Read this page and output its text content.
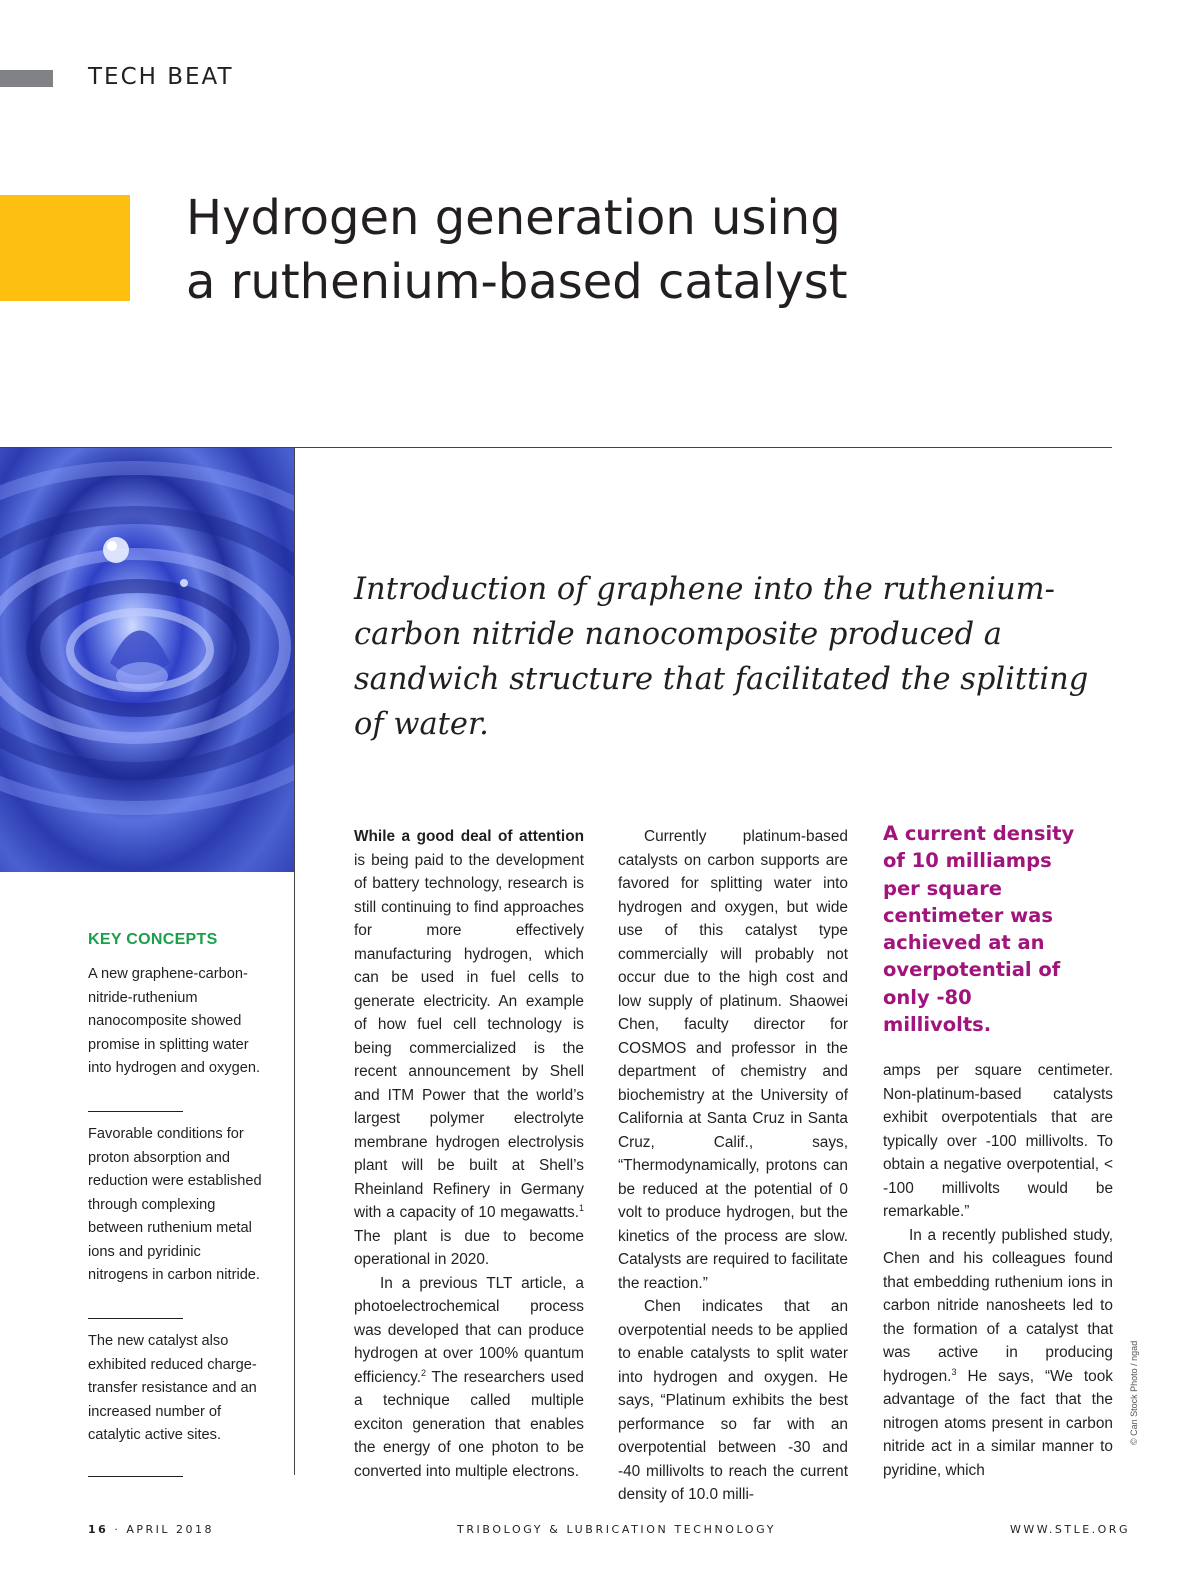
TECH BEAT
Hydrogen generation using
a ruthenium-based catalyst

Introduction of graphene into the ruthenium-carbon nitride nanocomposite produced a sandwich structure that facilitated the splitting of water.

KEY CONCEPTS

A new graphene-carbon-nitride-ruthenium nanocomposite showed promise in splitting water into hydrogen and oxygen.

Favorable conditions for proton absorption and reduction were established through complexing between ruthenium metal ions and pyridinic nitrogens in carbon nitride.

The new catalyst also exhibited reduced charge-transfer resistance and an increased number of catalytic active sites.

While a good deal of attention is being paid to the development of battery technology, research is still continuing to find approaches for more effectively manufacturing hydrogen, which can be used in fuel cells to generate electricity. An example of how fuel cell technology is being commercialized is the recent announcement by Shell and ITM Power that the world’s largest polymer electrolyte membrane hydrogen electrolysis plant will be built at Shell’s Rheinland Refinery in Germany with a capacity of 10 megawatts.$^1$ The plant is due to become operational in 2020.

In a previous TLT article, a photoelectrochemical process was developed that can produce hydrogen at over 100% quantum efficiency.$^2$ The researchers used a technique called multiple exciton generation that enables the energy of one photon to be converted into multiple electrons.

Currently platinum-based catalysts on carbon supports are favored for splitting water into hydrogen and oxygen, but wide use of this catalyst type commercially will probably not occur due to the high cost and low supply of platinum. Shaowei Chen, faculty director for COSMOS and professor in the department of chemistry and biochemistry at the University of California at Santa Cruz in Santa Cruz, Calif., says, “Thermodynamically, protons can be reduced at the potential of 0 volt to produce hydrogen, but the kinetics of the process are slow. Catalysts are required to facilitate the reaction.”

Chen indicates that an overpotential needs to be applied to enable catalysts to split water into hydrogen and oxygen. He says, “Platinum exhibits the best performance so far with an overpotential between -30 and -40 millivolts to reach the current density of 10.0 milli-

A current density of 10 milliamps per square centimeter was achieved at an overpotential of only -80 millivolts.

amps per square centimeter. Non-platinum-based catalysts exhibit overpotentials that are typically over -100 millivolts. To obtain a negative overpotential, < -100 millivolts would be remarkable.”

In a recently published study, Chen and his colleagues found that embedding ruthenium ions in carbon nitride nanosheets led to the formation of a catalyst that was active in producing hydrogen.$^3$ He says, “We took advantage of the fact that the nitrogen atoms present in carbon nitride act in a similar manner to pyridine, which

© Can Stock Photo / ngad
16 · APRIL 2018	TRIBOLOGY & LUBRICATION TECHNOLOGY	WWW.STLE.ORG
